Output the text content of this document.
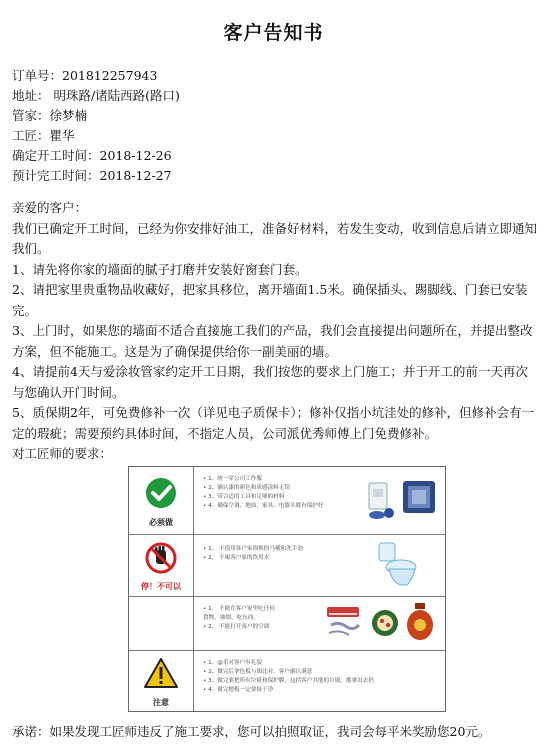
客户告知书
订单号：201812257943
地址： 明珠路/诸陆西路(路口)
管家：徐梦楠
工匠：瞿华
确定开工时间：2018-12-26
预计完工时间：2018-12-27
亲爱的客户：
我们已确定开工时间，已经为你安排好油工，准备好材料，若发生变动，收到信息后请立即通知我们。
1、请先将你家的墙面的腻子打磨并安装好窗套门套。
2、请把家里贵重物品收藏好，把家具移位，离开墙面1.5米。确保插头、踢脚线、门套已安装完。
3、上门时，如果您的墙面不适合直接施工我们的产品，我们会直接提出问题所在，并提出整改方案，但不能施工。这是为了确保提供给你一副美丽的墙。
4、请提前4天与爱涂妆管家约定开工日期，我们按您的要求上门施工；并于开工的前一天再次与您确认开门时间。
5、质保期2年，可免费修补一次（详见电子质保卡）；修补仅指小坑洼处的修补，但修补会有一定的瑕疵；需要预约具体时间，不指定人员，公司派优秀师傅上门免费修补。
对工匠师的要求：
必须做
• 1、统一穿公司工作服
• 2、确认漆的颜色和质感涂料无误
• 3、带合适的工具和足够的材料
• 4、确保空调、地面、家具、电器头都有保护好
停！不可以
• 1、 不使用客户家损换的马桶和洗手池
• 2、 不喝客户家的饮用水
• 1、 不能在客户家里吃任何
食物、抽烟、吃东西。
• 2、 不能打开客户的空调
注意
• 1、@采对客户有礼貌
• 2、做完后拿色板与墙比对，客户确认满意
• 3、做完要把所有垃圾和保护膜，包括客户其他的垃圾，都拿出去扔
• 4、做完地板一定要抹干净
承诺：如果发现工匠师违反了施工要求，您可以拍照取证，我司会每平米奖励您20元。
